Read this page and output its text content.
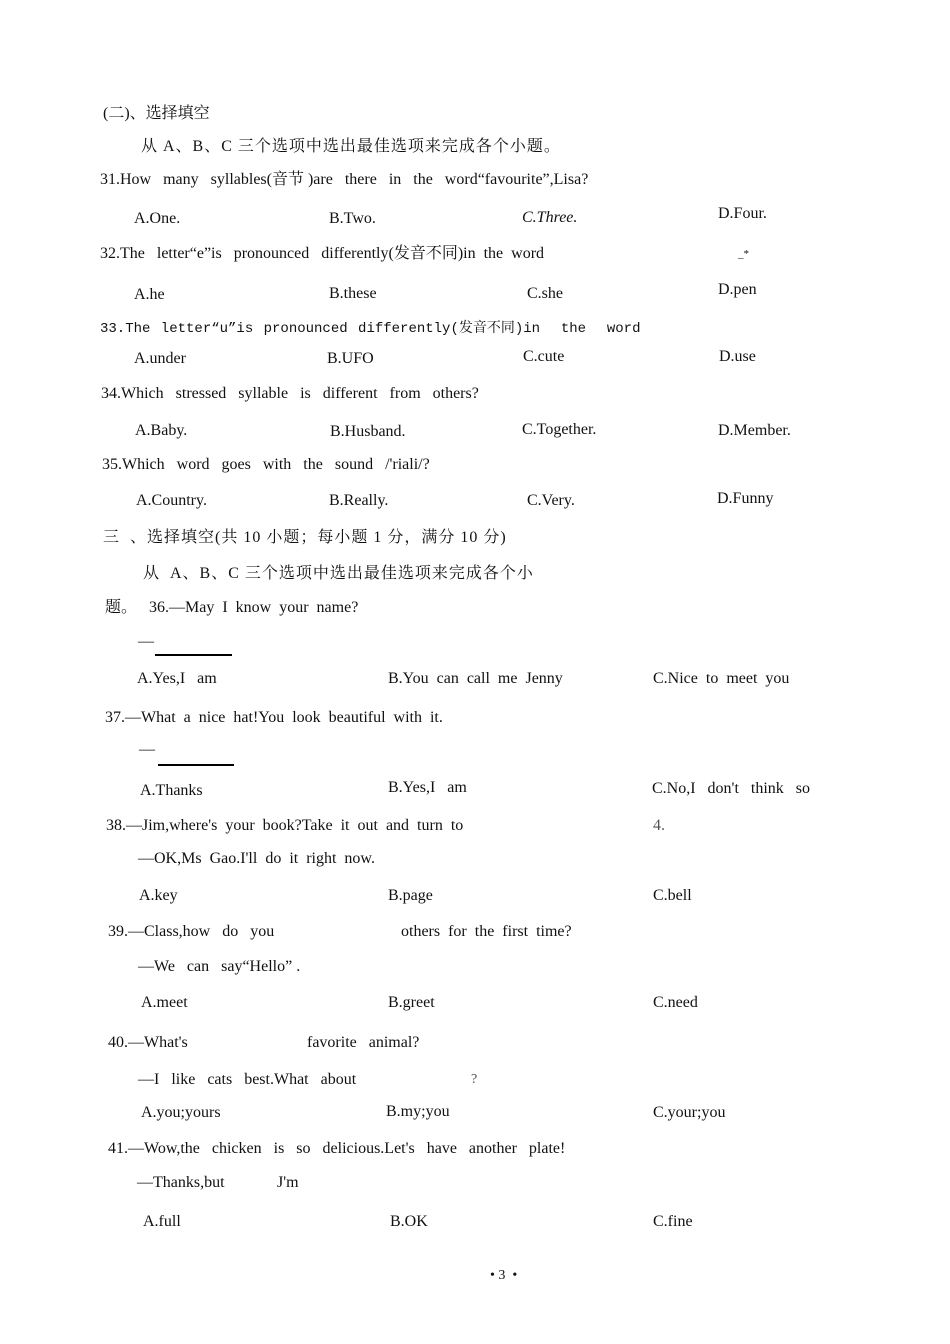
(二)、选择填空
从 A、B、C 三个选项中选出最佳选项来完成各个小题。
31.How   many   syllables(音节 )are   there   in   the   word“favourite”,Lisa?
A.One.	B.Two.	C.Three.	D.Four.
32.The   letter“e”is   pronounced   differently(发音不同)in  the  word	_*
A.he	B.these	C.she	D.pen
33.The letter“u”is pronounced differently(发音不同)in  the  word
A.under	B.UFO	C.cute	D.use
34.Which   stressed   syllable   is   different   from   others?
A.Baby.	B.Husband.	C.Together.	D.Member.
35.Which   word   goes   with   the   sound   /'riali/?
A.Country.	B.Really.	C.Very.	D.Funny
三  、选择填空(共 10 小题；每小题 1 分，满分 10 分)
从  A、B、C 三个选项中选出最佳选项来完成各个小
题。 36.—May  I  know  your  name?
—
A.Yes,I   am	B.You  can  call  me  Jenny	C.Nice  to  meet  you
37.—What  a  nice  hat!You  look  beautiful  with  it.
—
A.Thanks	B.Yes,I   am	C.No,I   don't   think   so
38.—Jim,where's  your  book?Take  it  out  and  turn  to	4.
—OK,Ms  Gao.I'll  do  it  right  now.
A.key	B.page	C.bell
39.—Class,how   do   you	others  for  the  first  time?
—We   can   say“Hello” .
A.meet	B.greet	C.need
40.—What's	favorite   animal?
—I   like   cats   best.What   about	?
A.you;yours	B.my;you	C.your;you
41.—Wow,the   chicken   is   so   delicious.Let's   have   another   plate!
—Thanks,but	J'm
A.full	B.OK	C.fine
• 3  •
